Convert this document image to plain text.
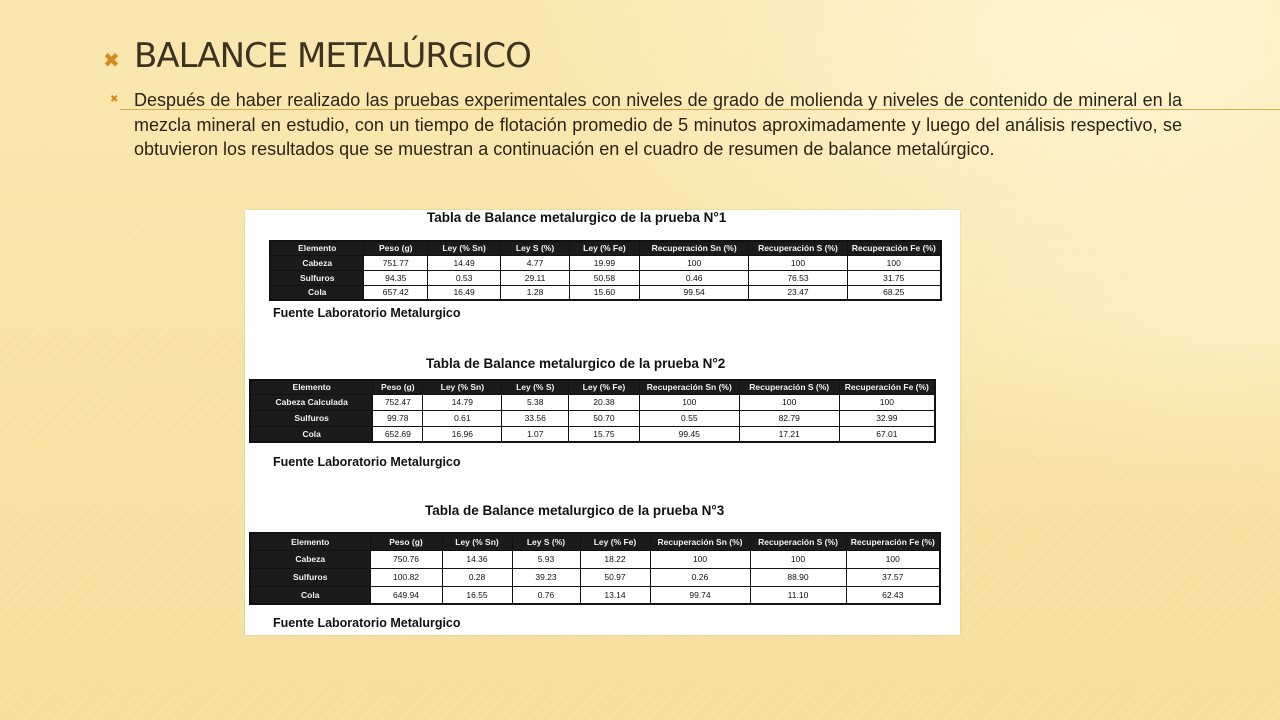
✖ BALANCE METALÚRGICO
✖ Después de haber realizado las pruebas experimentales con niveles de grado de molienda y niveles de contenido de mineral en la mezcla mineral en estudio, con un tiempo de flotación promedio de 5 minutos aproximadamente y luego del análisis respectivo, se obtuvieron los resultados que se muestran a continuación en el cuadro de resumen de balance metalúrgico.

Tabla de Balance metalurgico de la prueba N°1
Elemento	Peso (g)	Ley (% Sn)	Ley S (%)	Ley (% Fe)	Recuperación Sn (%)	Recuperación S (%)	Recuperación Fe (%)
Cabeza	751.77	14.49	4.77	19.99	100	100	100
Sulfuros	94.35	0.53	29.11	50.58	0.46	76.53	31.75
Cola	657.42	16.49	1.28	15.60	99.54	23.47	68.25
Fuente Laboratorio Metalurgico
Tabla de Balance metalurgico de la prueba N°2
Elemento	Peso (g)	Ley (% Sn)	Ley (% S)	Ley (% Fe)	Recuperación Sn (%)	Recuperación S (%)	Recuperación Fe (%)
Cabeza Calculada	752.47	14.79	5.38	20.38	100	100	100
Sulfuros	99.78	0.61	33.56	50.70	0.55	82.79	32.99
Cola	652.69	16.96	1.07	15.75	99.45	17.21	67.01
Fuente Laboratorio Metalurgico
Tabla de Balance metalurgico de la prueba N°3
Elemento	Peso (g)	Ley (% Sn)	Ley S (%)	Ley (% Fe)	Recuperación Sn (%)	Recuperación S (%)	Recuperación Fe (%)
Cabeza	750.76	14.36	5.93	18.22	100	100	100
Sulfuros	100.82	0.28	39.23	50.97	0.26	88.90	37.57
Cola	649.94	16.55	0.76	13.14	99.74	11.10	62.43
Fuente Laboratorio Metalurgico
